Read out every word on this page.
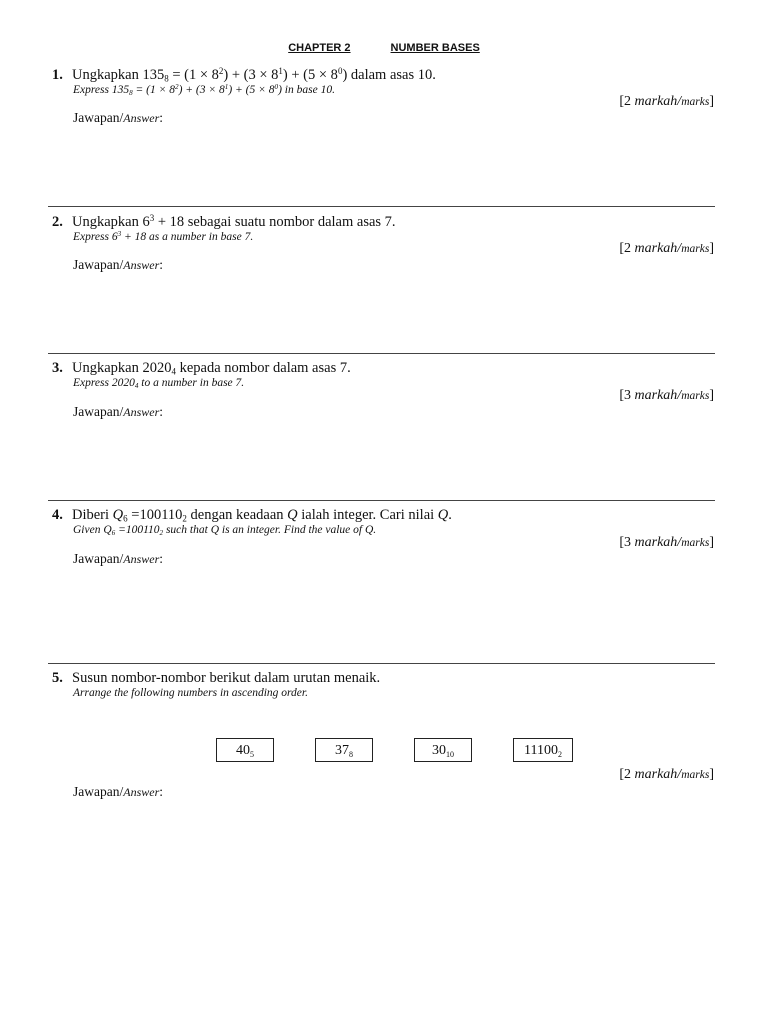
CHAPTER 2	NUMBER BASES
1. Ungkapkan $135_8 = (1 \times 8^2) + (3 \times 8^1) + (5 \times 8^0)$ dalam asas 10.
Express $135_8 = (1 \times 8^2) + (3 \times 8^1) + (5 \times 8^0)$ in base 10.
[2 markah/marks]
Jawapan/Answer:
2. Ungkapkan $6^3 + 18$ sebagai suatu nombor dalam asas 7.
Express $6^3 + 18$ as a number in base 7.
[2 markah/marks]
Jawapan/Answer:
3. Ungkapkan $2020_4$ kepada nombor dalam asas 7.
Express $2020_4$ to a number in base 7.
[3 markah/marks]
Jawapan/Answer:
4. Diberi $Q_6 =100110_2$ dengan keadaan Q ialah integer. Cari nilai Q.
Given $Q_6 =100110_2$ such that Q is an integer. Find the value of Q.
[3 markah/marks]
Jawapan/Answer:
5. Susun nombor-nombor berikut dalam urutan menaik.
Arrange the following numbers in ascending order.
[2 markah/marks]
Jawapan/Answer:
$40_5$	$37_8$	$30_{10}$	$11100_2$
